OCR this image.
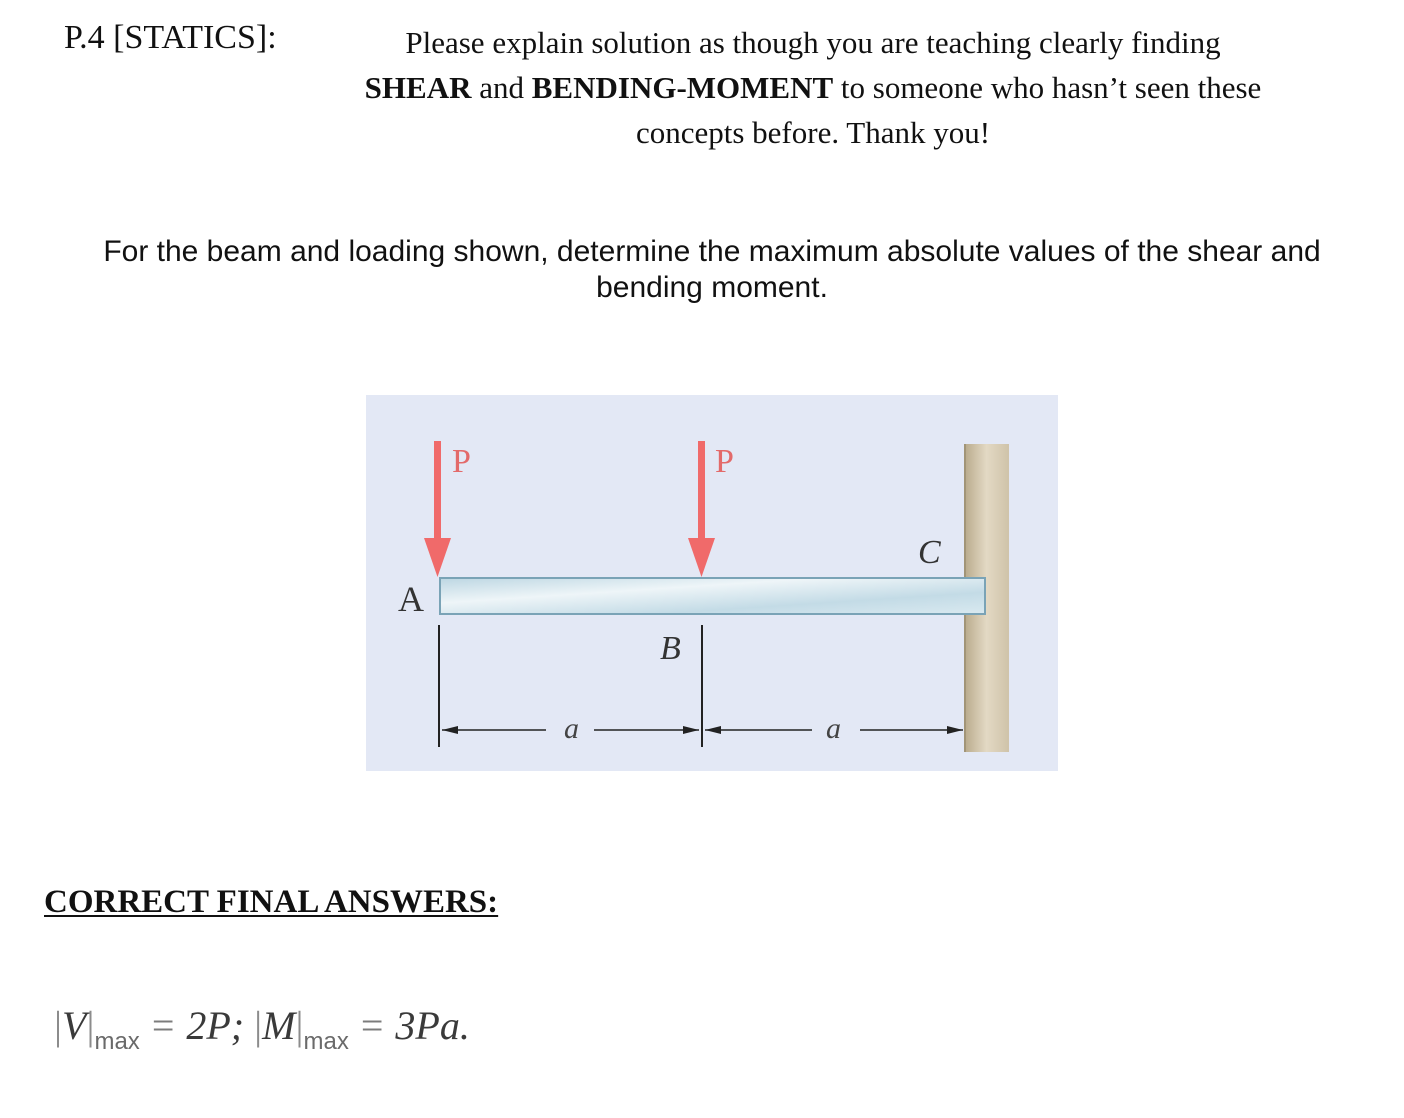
P.4 [STATICS]:	Please explain solution as though you are teaching clearly finding
SHEAR and BENDING-MOMENT to someone who hasn’t seen these
concepts before. Thank you!
For the beam and loading shown, determine the maximum absolute values of the shear and
bending moment.
P	P
A
B
C
a	a
CORRECT FINAL ANSWERS:
$|V|_{max} = 2P$; $|M|_{max} = 3Pa$.
